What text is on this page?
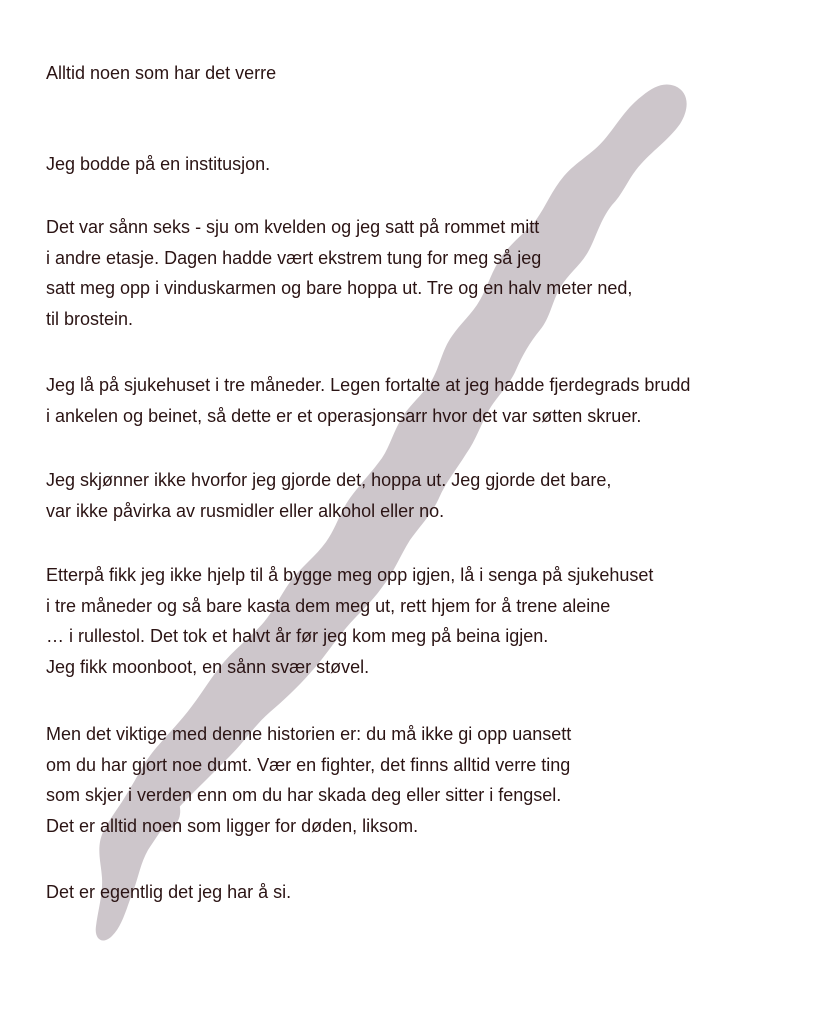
Alltid noen som har det verre

Jeg bodde på en institusjon.

Det var sånn seks - sju om kvelden og jeg satt på rommet mitt
i andre etasje. Dagen hadde vært ekstrem tung for meg så jeg
satt meg opp i vinduskarmen og bare hoppa ut. Tre og en halv meter ned,
til brostein.

Jeg lå på sjukehuset i tre måneder. Legen fortalte at jeg hadde fjerdegrads brudd
i ankelen og beinet, så dette er et operasjonsarr hvor det var søtten skruer.

Jeg skjønner ikke hvorfor jeg gjorde det, hoppa ut. Jeg gjorde det bare,
var ikke påvirka av rusmidler eller alkohol eller no.

Etterpå fikk jeg ikke hjelp til å bygge meg opp igjen, lå i senga på sjukehuset
i tre måneder og så bare kasta dem meg ut, rett hjem for å trene aleine
… i rullestol. Det tok et halvt år før jeg kom meg på beina igjen.
Jeg fikk moonboot, en sånn svær støvel.

Men det viktige med denne historien er: du må ikke gi opp uansett
om du har gjort noe dumt. Vær en fighter, det finns alltid verre ting
som skjer i verden enn om du har skada deg eller sitter i fengsel.
Det er alltid noen som ligger for døden, liksom.

Det er egentlig det jeg har å si.
